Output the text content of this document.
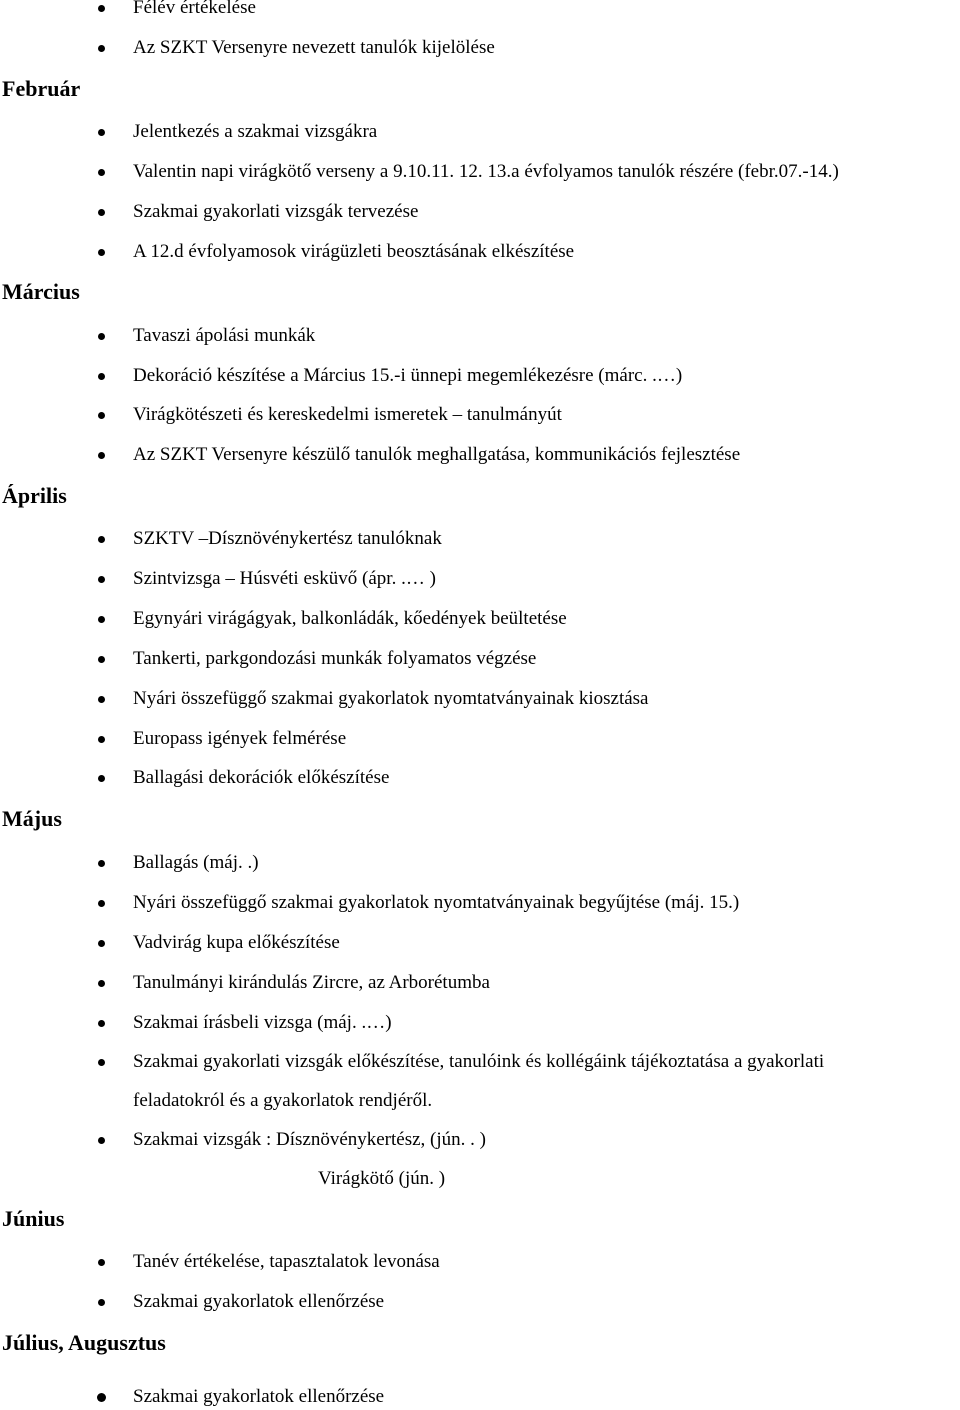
Félév értékelése
Az SZKT Versenyre nevezett tanulók kijelölése
Február
Jelentkezés a szakmai vizsgákra
Valentin napi virágkötő verseny a 9.10.11. 12. 13.a évfolyamos tanulók részére (febr.07.-14.)
Szakmai gyakorlati vizsgák tervezése
A 12.d évfolyamosok virágüzleti beosztásának elkészítése
Március
Tavaszi ápolási munkák
Dekoráció készítése a Március 15.-i ünnepi megemlékezésre (márc. .…)
Virágkötészeti és kereskedelmi ismeretek – tanulmányút
Az SZKT Versenyre készülő tanulók meghallgatása, kommunikációs fejlesztése
Április
SZKTV –Dísznövénykertész tanulóknak
Szintvizsga – Húsvéti esküvő (ápr. .… )
Egynyári virágágyak, balkonládák, kőedények beültetése
Tankerti, parkgondozási munkák folyamatos végzése
Nyári összefüggő szakmai gyakorlatok nyomtatványainak kiosztása
Europass igények felmérése
Ballagási dekorációk előkészítése
Május
Ballagás (máj. .)
Nyári összefüggő szakmai gyakorlatok nyomtatványainak begyűjtése (máj. 15.)
Vadvirág kupa előkészítése
Tanulmányi kirándulás Zircre, az Arborétumba
Szakmai írásbeli vizsga (máj. .…)
Szakmai gyakorlati vizsgák előkészítése, tanulóink és kollégáink tájékoztatása a gyakorlati
feladatokról és a gyakorlatok rendjéről.
Szakmai vizsgák : Dísznövénykertész, (jún. . )
Virágkötő (jún. )
Június
Tanév értékelése, tapasztalatok levonása
Szakmai gyakorlatok ellenőrzése
Július, Augusztus
Szakmai gyakorlatok ellenőrzése
